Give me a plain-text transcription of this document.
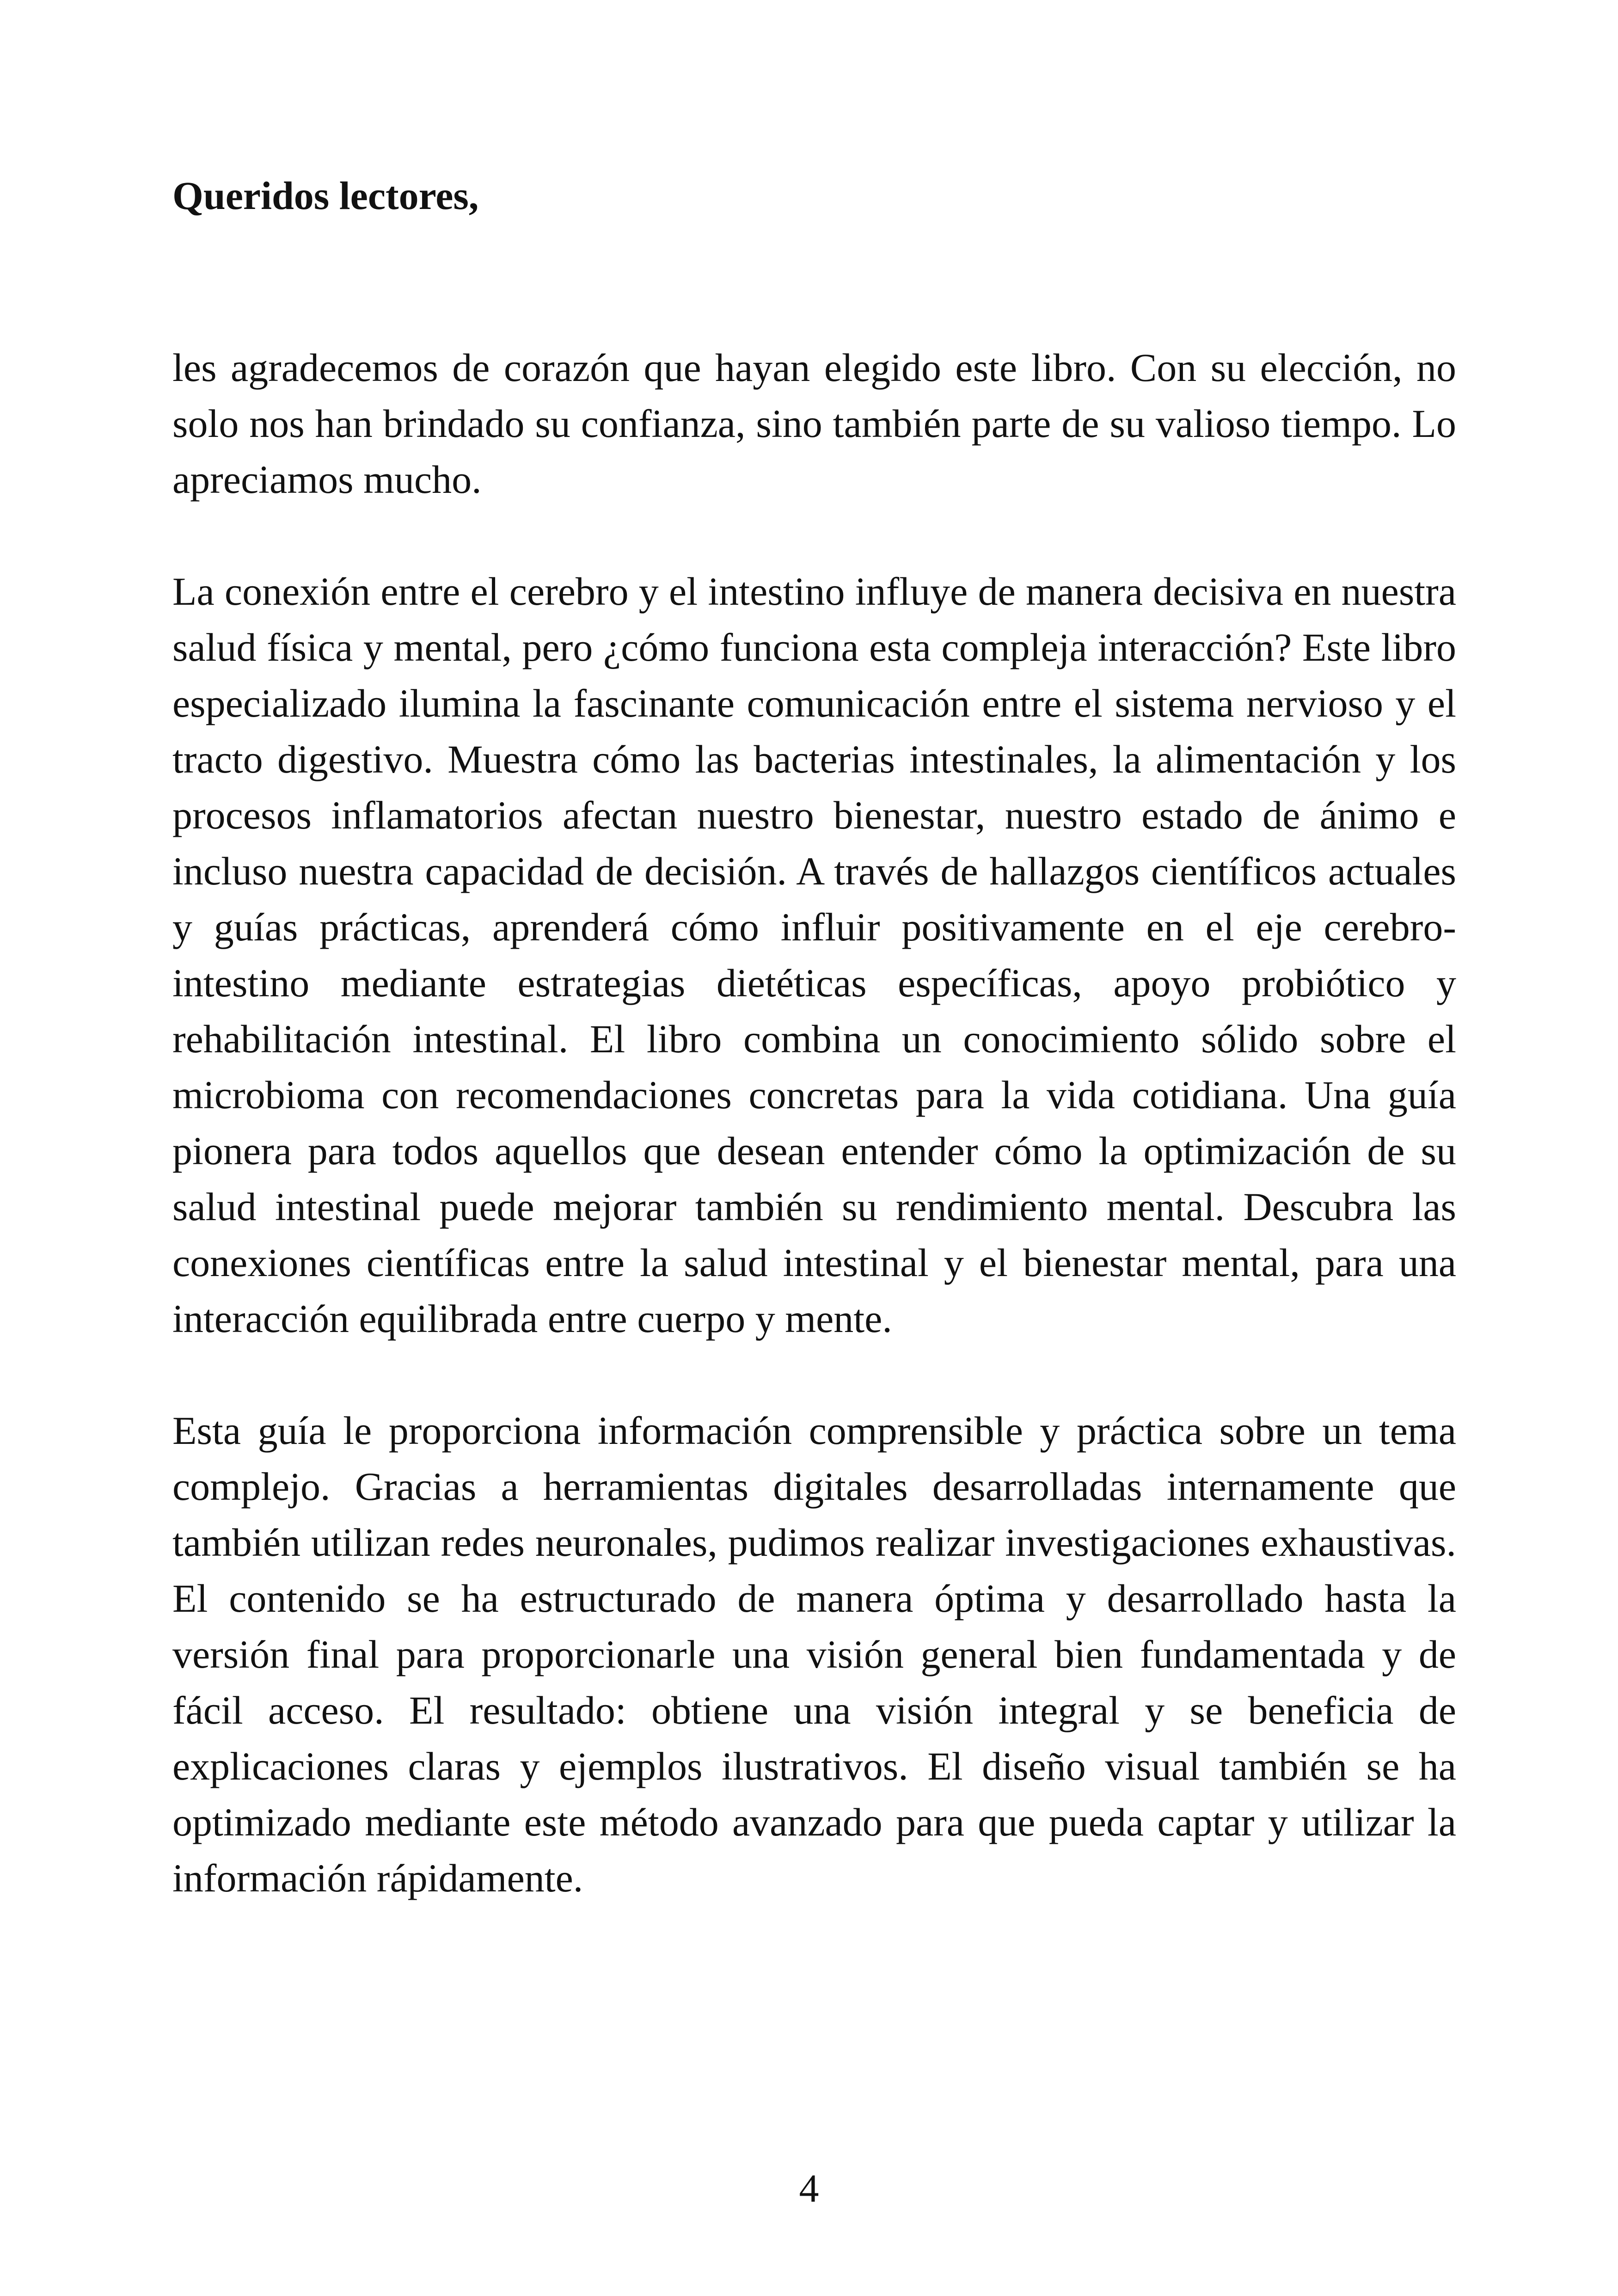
Queridos lectores,

les agradecemos de corazón que hayan elegido este libro. Con su elección, no solo nos han brindado su confianza, sino también parte de su valioso tiempo. Lo apreciamos mucho.

La conexión entre el cerebro y el intestino influye de manera decisiva en nuestra salud física y mental, pero ¿cómo funciona esta compleja interacción? Este libro especializado ilumina la fascinante comunicación entre el sistema nervioso y el tracto digestivo. Muestra cómo las bacterias intestinales, la alimentación y los procesos inflamatorios afectan nuestro bienestar, nuestro estado de ánimo e incluso nuestra capacidad de decisión. A través de hallazgos científicos actuales y guías prácticas, aprenderá cómo influir positivamente en el eje cerebro-intestino mediante estrategias dietéticas específicas, apoyo probiótico y rehabilitación intestinal. El libro combina un conocimiento sólido sobre el microbioma con recomendaciones concretas para la vida cotidiana. Una guía pionera para todos aquellos que desean entender cómo la optimización de su salud intestinal puede mejorar también su rendimiento mental. Descubra las conexiones científicas entre la salud intestinal y el bienestar mental, para una interacción equilibrada entre cuerpo y mente.

Esta guía le proporciona información comprensible y práctica sobre un tema complejo. Gracias a herramientas digitales desarrolladas internamente que también utilizan redes neuronales, pudimos realizar investigaciones exhaustivas. El contenido se ha estructurado de manera óptima y desarrollado hasta la versión final para proporcionarle una visión general bien fundamentada y de fácil acceso. El resultado: obtiene una visión integral y se beneficia de explicaciones claras y ejemplos ilustrativos. El diseño visual también se ha optimizado mediante este método avanzado para que pueda captar y utilizar la información rápidamente.

4
